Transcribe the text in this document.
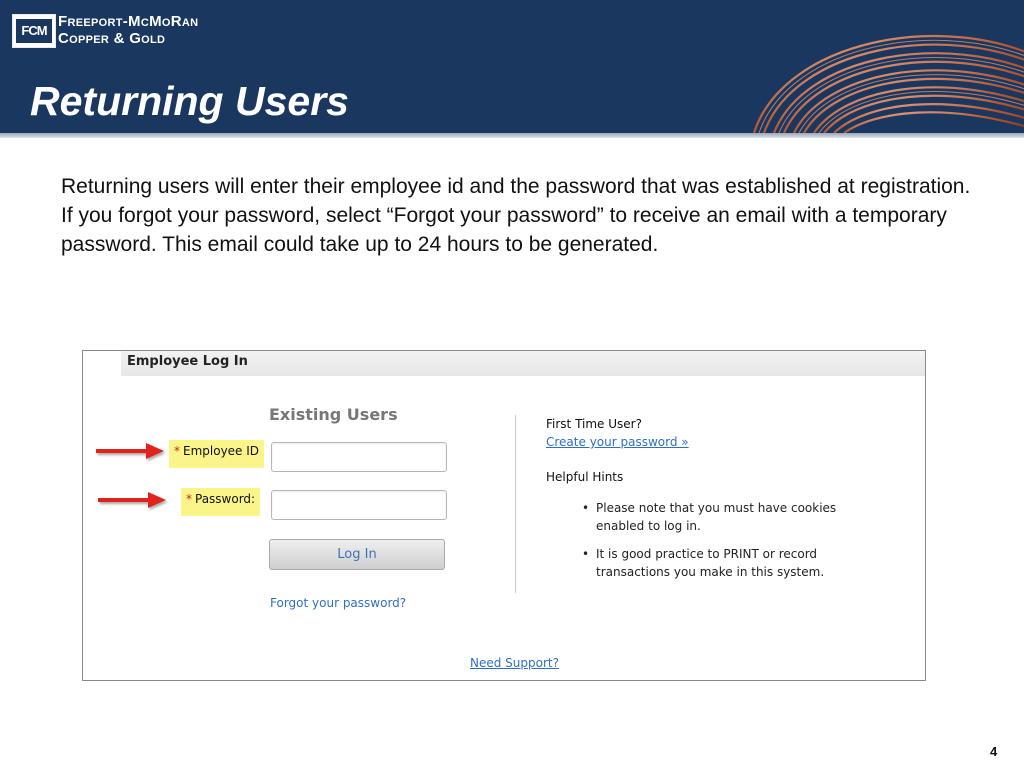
FCM
Freeport-McMoRan
Copper & Gold
Returning Users

Returning users will enter their employee id and the password that was established at registration. If you forgot your password, select “Forgot your password” to receive an email with a temporary password. This email could take up to 24 hours to be generated.

Employee Log In
Existing Users
* Employee ID
* Password:
Log In
Forgot your password?
First Time User?
Create your password »
Helpful Hints
• Please note that you must have cookies enabled to log in.
• It is good practice to PRINT or record transactions you make in this system.
Need Support?
4
